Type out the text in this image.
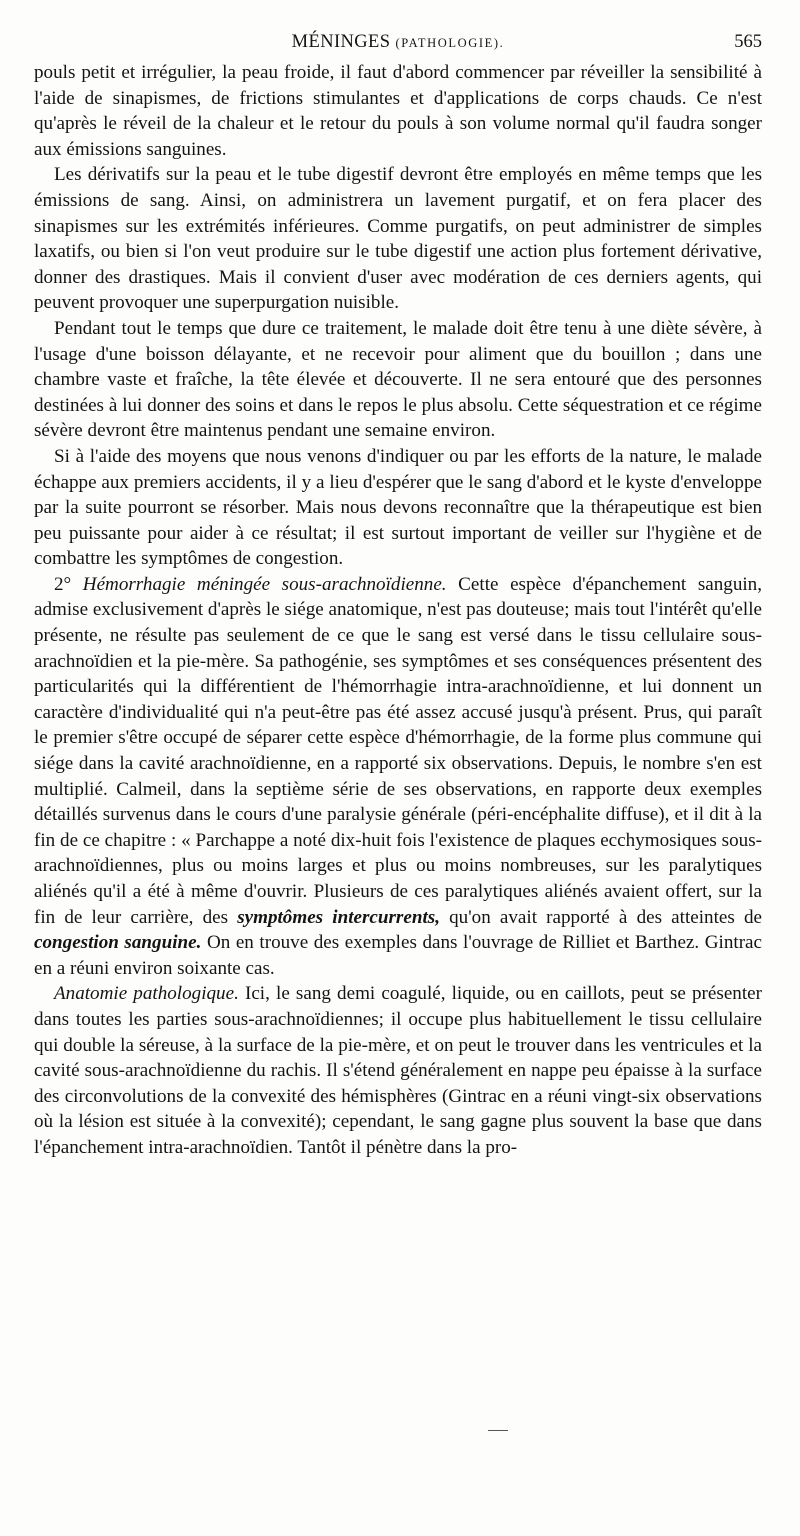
MÉNINGES (PATHOLOGIE).	565

pouls petit et irrégulier, la peau froide, il faut d'abord commencer par réveiller la sensibilité à l'aide de sinapismes, de frictions stimulantes et d'applications de corps chauds. Ce n'est qu'après le réveil de la chaleur et le retour du pouls à son volume normal qu'il faudra songer aux émissions sanguines.

Les dérivatifs sur la peau et le tube digestif devront être employés en même temps que les émissions de sang. Ainsi, on administrera un lavement purgatif, et on fera placer des sinapismes sur les extrémités inférieures. Comme purgatifs, on peut administrer de simples laxatifs, ou bien si l'on veut produire sur le tube digestif une action plus fortement dérivative, donner des drastiques. Mais il convient d'user avec modération de ces derniers agents, qui peuvent provoquer une superpurgation nuisible.

Pendant tout le temps que dure ce traitement, le malade doit être tenu à une diète sévère, à l'usage d'une boisson délayante, et ne recevoir pour aliment que du bouillon ; dans une chambre vaste et fraîche, la tête élevée et découverte. Il ne sera entouré que des personnes destinées à lui donner des soins et dans le repos le plus absolu. Cette séquestration et ce régime sévère devront être maintenus pendant une semaine environ.

Si à l'aide des moyens que nous venons d'indiquer ou par les efforts de la nature, le malade échappe aux premiers accidents, il y a lieu d'espérer que le sang d'abord et le kyste d'enveloppe par la suite pourront se résorber. Mais nous devons reconnaître que la thérapeutique est bien peu puissante pour aider à ce résultat; il est surtout important de veiller sur l'hygiène et de combattre les symptômes de congestion.

2° Hémorrhagie méningée sous-arachnoïdienne. Cette espèce d'épanchement sanguin, admise exclusivement d'après le siége anatomique, n'est pas douteuse; mais tout l'intérêt qu'elle présente, ne résulte pas seulement de ce que le sang est versé dans le tissu cellulaire sous-arachnoïdien et la pie-mère. Sa pathogénie, ses symptômes et ses conséquences présentent des particularités qui la différentient de l'hémorrhagie intra-arachnoïdienne, et lui donnent un caractère d'individualité qui n'a peut-être pas été assez accusé jusqu'à présent. Prus, qui paraît le premier s'être occupé de séparer cette espèce d'hémorrhagie, de la forme plus commune qui siége dans la cavité arachnoïdienne, en a rapporté six observations. Depuis, le nombre s'en est multiplié. Calmeil, dans la septième série de ses observations, en rapporte deux exemples détaillés survenus dans le cours d'une paralysie générale (péri-encéphalite diffuse), et il dit à la fin de ce chapitre : « Parchappe a noté dix-huit fois l'existence de plaques ecchymosiques sous-arachnoïdiennes, plus ou moins larges et plus ou moins nombreuses, sur les paralytiques aliénés qu'il a été à même d'ouvrir. Plusieurs de ces paralytiques aliénés avaient offert, sur la fin de leur carrière, des symptômes intercurrents, qu'on avait rapporté à des atteintes de congestion sanguine. On en trouve des exemples dans l'ouvrage de Rilliet et Barthez. Gintrac en a réuni environ soixante cas.

Anatomie pathologique. Ici, le sang demi coagulé, liquide, ou en caillots, peut se présenter dans toutes les parties sous-arachnoïdiennes; il occupe plus habituellement le tissu cellulaire qui double la séreuse, à la surface de la pie-mère, et on peut le trouver dans les ventricules et la cavité sous-arachnoïdienne du rachis. Il s'étend généralement en nappe peu épaisse à la surface des circonvolutions de la convexité des hémisphères (Gintrac en a réuni vingt-six observations où la lésion est située à la convexité); cependant, le sang gagne plus souvent la base que dans l'épanchement intra-arachnoïdien. Tantôt il pénètre dans la pro-
